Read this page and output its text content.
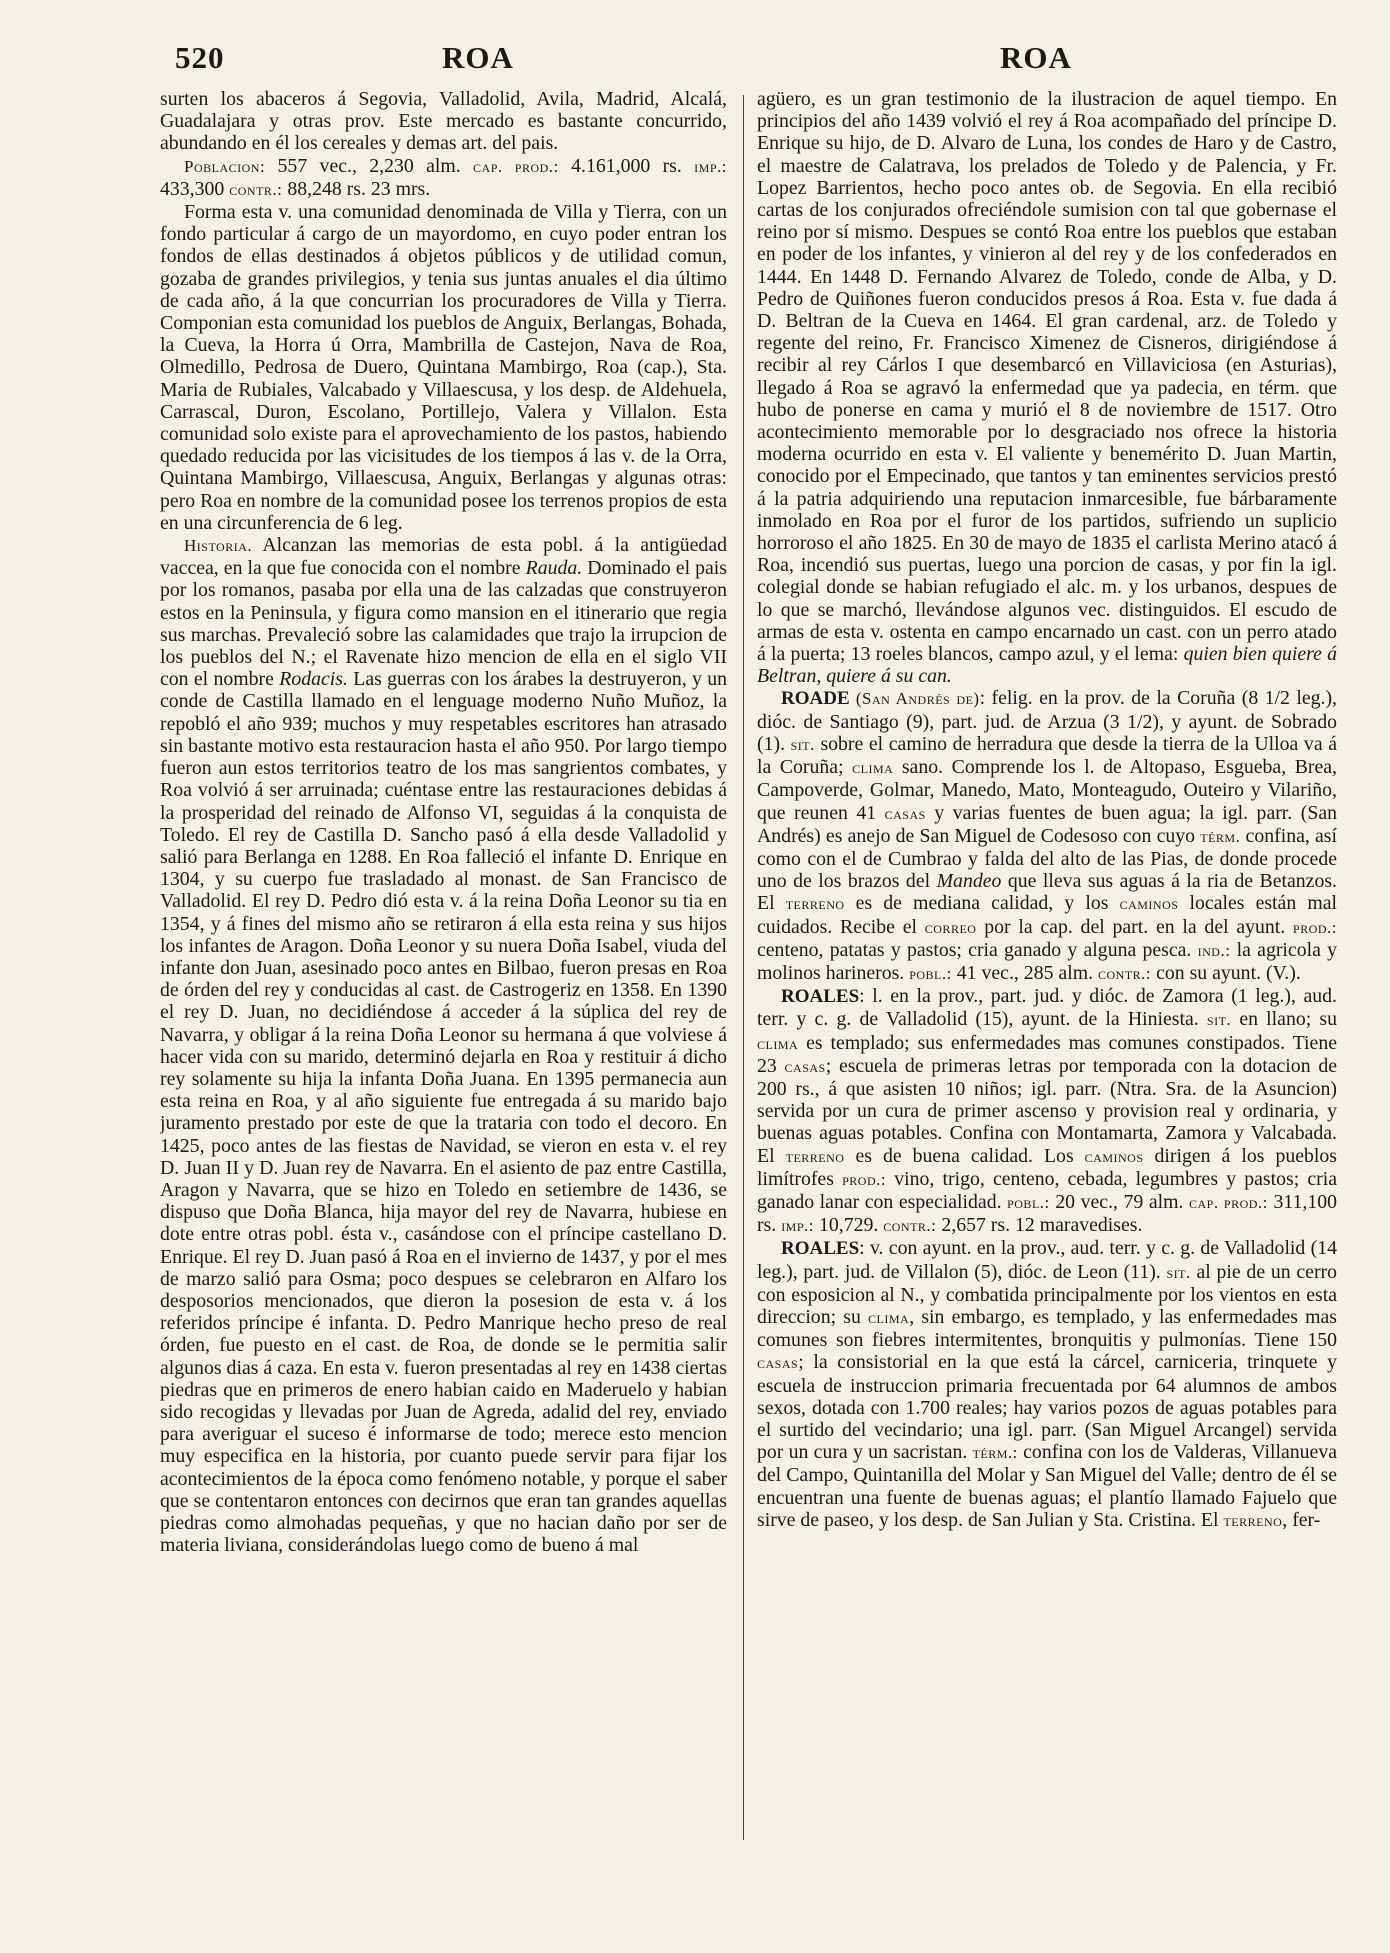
520	ROA	ROA

surten los abaceros á Segovia, Valladolid, Avila, Madrid, Alcalá, Guadalajara y otras prov. Este mercado es bastante concurrido, abundando en él los cereales y demas art. del pais.

Poblacion: 557 vec., 2,230 alm. cap. prod.: 4.161,000 rs. imp.: 433,300 contr.: 88,248 rs. 23 mrs.

Forma esta v. una comunidad denominada de Villa y Tierra, con un fondo particular á cargo de un mayordomo, en cuyo poder entran los fondos de ellas destinados á objetos públicos y de utilidad comun, gozaba de grandes privilegios, y tenia sus juntas anuales el dia último de cada año, á la que concurrian los procuradores de Villa y Tierra. Componian esta comunidad los pueblos de Anguix, Berlangas, Bohada, la Cueva, la Horra ú Orra, Mambrilla de Castejon, Nava de Roa, Olmedillo, Pedrosa de Duero, Quintana Mambirgo, Roa (cap.), Sta. Maria de Rubiales, Valcabado y Villaescusa, y los desp. de Aldehuela, Carrascal, Duron, Escolano, Portillejo, Valera y Villalon. Esta comunidad solo existe para el aprovechamiento de los pastos, habiendo quedado reducida por las vicisitudes de los tiempos á las v. de la Orra, Quintana Mambirgo, Villaescusa, Anguix, Berlangas y algunas otras: pero Roa en nombre de la comunidad posee los terrenos propios de esta en una circunferencia de 6 leg.

Historia. Alcanzan las memorias de esta pobl. á la antigüedad vaccea, en la que fue conocida con el nombre Rauda. Dominado el pais por los romanos, pasaba por ella una de las calzadas que construyeron estos en la Peninsula, y figura como mansion en el itinerario que regia sus marchas. Prevaleció sobre las calamidades que trajo la irrupcion de los pueblos del N.; el Ravenate hizo mencion de ella en el siglo VII con el nombre Rodacis. Las guerras con los árabes la destruyeron, y un conde de Castilla llamado en el lenguage moderno Nuño Muñoz, la repobló el año 939; muchos y muy respetables escritores han atrasado sin bastante motivo esta restauracion hasta el año 950. Por largo tiempo fueron aun estos territorios teatro de los mas sangrientos combates, y Roa volvió á ser arruinada; cuéntase entre las restauraciones debidas á la prosperidad del reinado de Alfonso VI, seguidas á la conquista de Toledo. El rey de Castilla D. Sancho pasó á ella desde Valladolid y salió para Berlanga en 1288. En Roa falleció el infante D. Enrique en 1304, y su cuerpo fue trasladado al monast. de San Francisco de Valladolid. El rey D. Pedro dió esta v. á la reina Doña Leonor su tia en 1354, y á fines del mismo año se retiraron á ella esta reina y sus hijos los infantes de Aragon. Doña Leonor y su nuera Doña Isabel, viuda del infante don Juan, asesinado poco antes en Bilbao, fueron presas en Roa de órden del rey y conducidas al cast. de Castrogeriz en 1358. En 1390 el rey D. Juan, no decidiéndose á acceder á la súplica del rey de Navarra, y obligar á la reina Doña Leonor su hermana á que volviese á hacer vida con su marido, determinó dejarla en Roa y restituir á dicho rey solamente su hija la infanta Doña Juana. En 1395 permanecia aun esta reina en Roa, y al año siguiente fue entregada á su marido bajo juramento prestado por este de que la trataria con todo el decoro. En 1425, poco antes de las fiestas de Navidad, se vieron en esta v. el rey D. Juan II y D. Juan rey de Navarra. En el asiento de paz entre Castilla, Aragon y Navarra, que se hizo en Toledo en setiembre de 1436, se dispuso que Doña Blanca, hija mayor del rey de Navarra, hubiese en dote entre otras pobl. ésta v., casándose con el príncipe castellano D. Enrique. El rey D. Juan pasó á Roa en el invierno de 1437, y por el mes de marzo salió para Osma; poco despues se celebraron en Alfaro los desposorios mencionados, que dieron la posesion de esta v. á los referidos príncipe é infanta. D. Pedro Manrique hecho preso de real órden, fue puesto en el cast. de Roa, de donde se le permitia salir algunos dias á caza. En esta v. fueron presentadas al rey en 1438 ciertas piedras que en primeros de enero habian caido en Maderuelo y habian sido recogidas y llevadas por Juan de Agreda, adalid del rey, enviado para averiguar el suceso é informarse de todo; merece esto mencion muy especifica en la historia, por cuanto puede servir para fijar los acontecimientos de la época como fenómeno notable, y porque el saber que se contentaron entonces con decirnos que eran tan grandes aquellas piedras como almohadas pequeñas, y que no hacian daño por ser de materia liviana, considerándolas luego como de bueno á mal

agüero, es un gran testimonio de la ilustracion de aquel tiempo. En principios del año 1439 volvió el rey á Roa acompañado del príncipe D. Enrique su hijo, de D. Alvaro de Luna, los condes de Haro y de Castro, el maestre de Calatrava, los prelados de Toledo y de Palencia, y Fr. Lopez Barrientos, hecho poco antes ob. de Segovia. En ella recibió cartas de los conjurados ofreciéndole sumision con tal que gobernase el reino por sí mismo. Despues se contó Roa entre los pueblos que estaban en poder de los infantes, y vinieron al del rey y de los confederados en 1444. En 1448 D. Fernando Alvarez de Toledo, conde de Alba, y D. Pedro de Quiñones fueron conducidos presos á Roa. Esta v. fue dada á D. Beltran de la Cueva en 1464. El gran cardenal, arz. de Toledo y regente del reino, Fr. Francisco Ximenez de Cisneros, dirigiéndose á recibir al rey Cárlos I que desembarcó en Villaviciosa (en Asturias), llegado á Roa se agravó la enfermedad que ya padecia, en térm. que hubo de ponerse en cama y murió el 8 de noviembre de 1517. Otro acontecimiento memorable por lo desgraciado nos ofrece la historia moderna ocurrido en esta v. El valiente y benemérito D. Juan Martin, conocido por el Empecinado, que tantos y tan eminentes servicios prestó á la patria adquiriendo una reputacion inmarcesible, fue bárbaramente inmolado en Roa por el furor de los partidos, sufriendo un suplicio horroroso el año 1825. En 30 de mayo de 1835 el carlista Merino atacó á Roa, incendió sus puertas, luego una porcion de casas, y por fin la igl. colegial donde se habian refugiado el alc. m. y los urbanos, despues de lo que se marchó, llevándose algunos vec. distinguidos. El escudo de armas de esta v. ostenta en campo encarnado un cast. con un perro atado á la puerta; 13 roeles blancos, campo azul, y el lema: quien bien quiere á Beltran, quiere á su can.

ROADE (San Andrés de): felig. en la prov. de la Coruña (8 1/2 leg.), dióc. de Santiago (9), part. jud. de Arzua (3 1/2), y ayunt. de Sobrado (1). sit. sobre el camino de herradura que desde la tierra de la Ulloa va á la Coruña; clima sano. Comprende los l. de Altopaso, Esgueba, Brea, Campoverde, Golmar, Manedo, Mato, Monteagudo, Outeiro y Vilariño, que reunen 41 casas y varias fuentes de buen agua; la igl. parr. (San Andrés) es anejo de San Miguel de Codesoso con cuyo térm. confina, así como con el de Cumbrao y falda del alto de las Pias, de donde procede uno de los brazos del Mandeo que lleva sus aguas á la ria de Betanzos. El terreno es de mediana calidad, y los caminos locales están mal cuidados. Recibe el correo por la cap. del part. en la del ayunt. prod.: centeno, patatas y pastos; cria ganado y alguna pesca. ind.: la agricola y molinos harineros. pobl.: 41 vec., 285 alm. contr.: con su ayunt. (V.).

ROALES: l. en la prov., part. jud. y dióc. de Zamora (1 leg.), aud. terr. y c. g. de Valladolid (15), ayunt. de la Hiniesta. sit. en llano; su clima es templado; sus enfermedades mas comunes constipados. Tiene 23 casas; escuela de primeras letras por temporada con la dotacion de 200 rs., á que asisten 10 niños; igl. parr. (Ntra. Sra. de la Asuncion) servida por un cura de primer ascenso y provision real y ordinaria, y buenas aguas potables. Confina con Montamarta, Zamora y Valcabada. El terreno es de buena calidad. Los caminos dirigen á los pueblos limítrofes prod.: vino, trigo, centeno, cebada, legumbres y pastos; cria ganado lanar con especialidad. pobl.: 20 vec., 79 alm. cap. prod.: 311,100 rs. imp.: 10,729. contr.: 2,657 rs. 12 maravedises.

ROALES: v. con ayunt. en la prov., aud. terr. y c. g. de Valladolid (14 leg.), part. jud. de Villalon (5), dióc. de Leon (11). sit. al pie de un cerro con esposicion al N., y combatida principalmente por los vientos en esta direccion; su clima, sin embargo, es templado, y las enfermedades mas comunes son fiebres intermitentes, bronquitis y pulmonías. Tiene 150 casas; la consistorial en la que está la cárcel, carniceria, trinquete y escuela de instruccion primaria frecuentada por 64 alumnos de ambos sexos, dotada con 1.700 reales; hay varios pozos de aguas potables para el surtido del vecindario; una igl. parr. (San Miguel Arcangel) servida por un cura y un sacristan. térm.: confina con los de Valderas, Villanueva del Campo, Quintanilla del Molar y San Miguel del Valle; dentro de él se encuentran una fuente de buenas aguas; el plantío llamado Fajuelo que sirve de paseo, y los desp. de San Julian y Sta. Cristina. El terreno, fer-
